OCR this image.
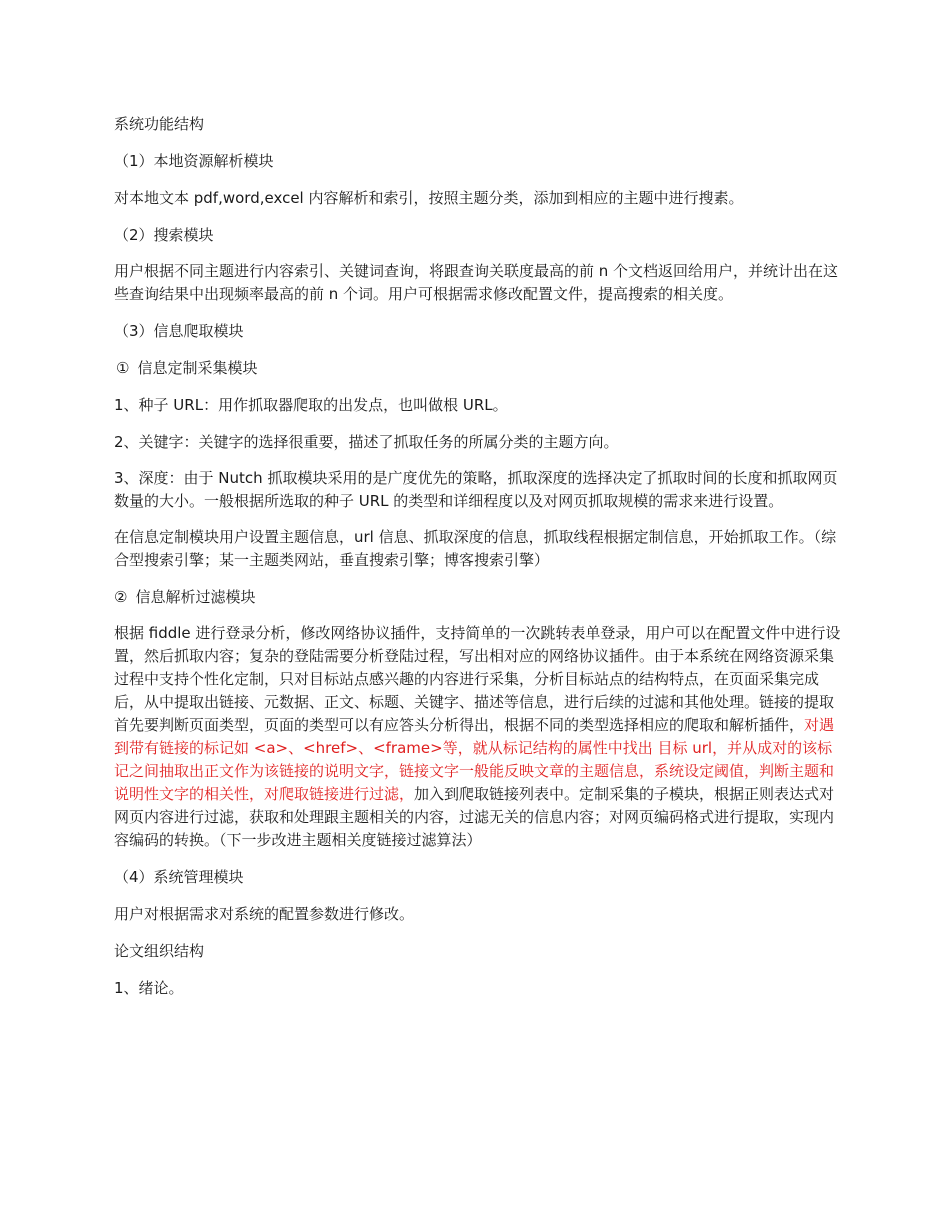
系统功能结构

（1）本地资源解析模块

对本地文本 pdf,word,excel 内容解析和索引，按照主题分类，添加到相应的主题中进行搜素。

（2）搜索模块

用户根据不同主题进行内容索引、关键词查询，将跟查询关联度最高的前 n 个文档返回给用户，并统计出在这些查询结果中出现频率最高的前 n 个词。用户可根据需求修改配置文件，提高搜索的相关度。

（3）信息爬取模块

① 信息定制采集模块

1、种子 URL：用作抓取器爬取的出发点，也叫做根 URL。

2、关键字：关键字的选择很重要，描述了抓取任务的所属分类的主题方向。

3、深度：由于 Nutch 抓取模块采用的是广度优先的策略，抓取深度的选择决定了抓取时间的长度和抓取网页数量的大小。一般根据所选取的种子 URL 的类型和详细程度以及对网页抓取规模的需求来进行设置。

在信息定制模块用户设置主题信息，url 信息、抓取深度的信息，抓取线程根据定制信息，开始抓取工作。（综合型搜索引擎；某一主题类网站，垂直搜索引擎；博客搜索引擎）

② 信息解析过滤模块

根据 fiddle 进行登录分析，修改网络协议插件，支持简单的一次跳转表单登录，用户可以在配置文件中进行设置，然后抓取内容；复杂的登陆需要分析登陆过程，写出相对应的网络协议插件。由于本系统在网络资源采集过程中支持个性化定制，只对目标站点感兴趣的内容进行采集，分析目标站点的结构特点，在页面采集完成后，从中提取出链接、元数据、正文、标题、关键字、描述等信息，进行后续的过滤和其他处理。链接的提取首先要判断页面类型，页面的类型可以有应答头分析得出，根据不同的类型选择相应的爬取和解析插件，对遇到带有链接的标记如 <a>、<href>、<frame>等，就从标记结构的属性中找出 目标 url，并从成对的该标记之间抽取出正文作为该链接的说明文字，链接文字一般能反映文章的主题信息，系统设定阈值，判断主题和说明性文字的相关性，对爬取链接进行过滤，加入到爬取链接列表中。定制采集的子模块，根据正则表达式对网页内容进行过滤，获取和处理跟主题相关的内容，过滤无关的信息内容；对网页编码格式进行提取，实现内容编码的转换。（下一步改进主题相关度链接过滤算法）

（4）系统管理模块

用户对根据需求对系统的配置参数进行修改。

论文组织结构

1、绪论。
